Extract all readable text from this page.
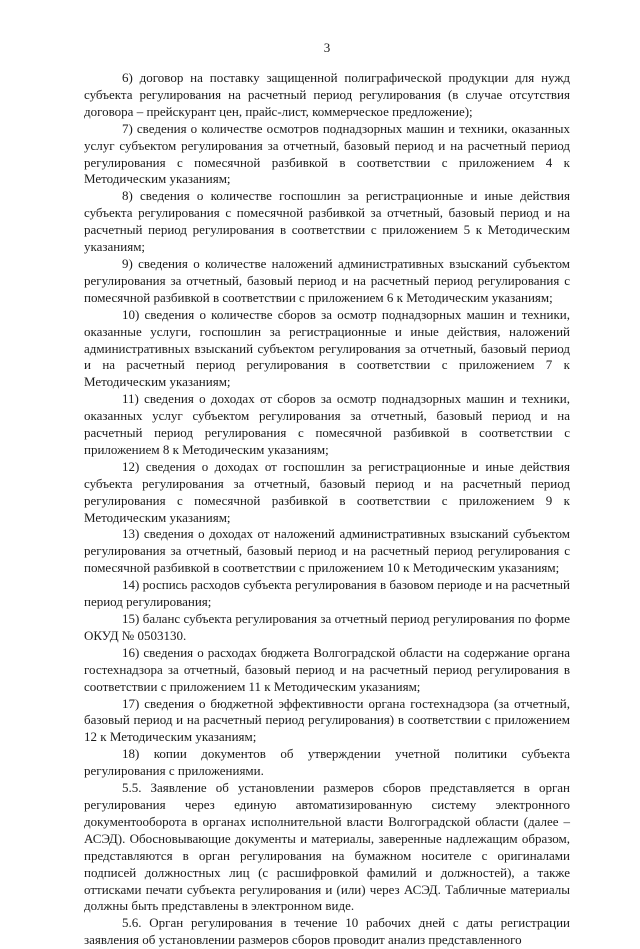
3

6) договор на поставку защищенной полиграфической продукции для нужд субъекта регулирования на расчетный период регулирования (в случае отсутствия договора – прейскурант цен, прайс-лист, коммерческое предложение);

7) сведения о количестве осмотров поднадзорных машин и техники, оказанных услуг субъектом регулирования за отчетный, базовый период и на расчетный период регулирования с помесячной разбивкой в соответствии с приложением 4 к Методическим указаниям;

8) сведения о количестве госпошлин за регистрационные и иные действия субъекта регулирования с помесячной разбивкой за отчетный, базовый период и на расчетный период регулирования в соответствии с приложением 5 к Методическим указаниям;

9) сведения о количестве наложений административных взысканий субъектом регулирования за отчетный, базовый период и на расчетный период регулирования с помесячной разбивкой в соответствии с приложением 6 к Методическим указаниям;

10) сведения о количестве сборов за осмотр поднадзорных машин и техники, оказанные услуги, госпошлин за регистрационные и иные действия, наложений административных взысканий субъектом регулирования за отчетный, базовый период и на расчетный период регулирования в соответствии с приложением 7 к Методическим указаниям;

11) сведения о доходах от сборов за осмотр поднадзорных машин и техники, оказанных услуг субъектом регулирования за отчетный, базовый период и на расчетный период регулирования с помесячной разбивкой в соответствии с приложением 8 к Методическим указаниям;

12) сведения о доходах от госпошлин за регистрационные и иные действия субъекта регулирования за отчетный, базовый период и на расчетный период регулирования с помесячной разбивкой в соответствии с приложением 9 к Методическим указаниям;

13) сведения о доходах от наложений административных взысканий субъектом регулирования за отчетный, базовый период и на расчетный период регулирования с помесячной разбивкой в соответствии с приложением 10 к Методическим указаниям;

14) роспись расходов субъекта регулирования в базовом периоде и на расчетный период регулирования;

15) баланс субъекта регулирования за отчетный период регулирования по форме ОКУД № 0503130.

16) сведения о расходах бюджета Волгоградской области на содержание органа гостехнадзора за отчетный, базовый период и на расчетный период регулирования в соответствии с приложением 11 к Методическим указаниям;

17) сведения о бюджетной эффективности органа гостехнадзора (за отчетный, базовый период и на расчетный период регулирования) в соответствии с приложением 12 к Методическим указаниям;

18) копии документов об утверждении учетной политики субъекта регулирования с приложениями.

5.5. Заявление об установлении размеров сборов представляется в орган регулирования через единую автоматизированную систему электронного документооборота в органах исполнительной власти Волгоградской области (далее – АСЭД). Обосновывающие документы и материалы, заверенные надлежащим образом, представляются в орган регулирования на бумажном носителе с оригиналами подписей должностных лиц (с расшифровкой фамилий и должностей), а также оттисками печати субъекта регулирования и (или) через АСЭД. Табличные материалы должны быть представлены в электронном виде.

5.6. Орган регулирования в течение 10 рабочих дней с даты регистрации заявления об установлении размеров сборов проводит анализ представленного
